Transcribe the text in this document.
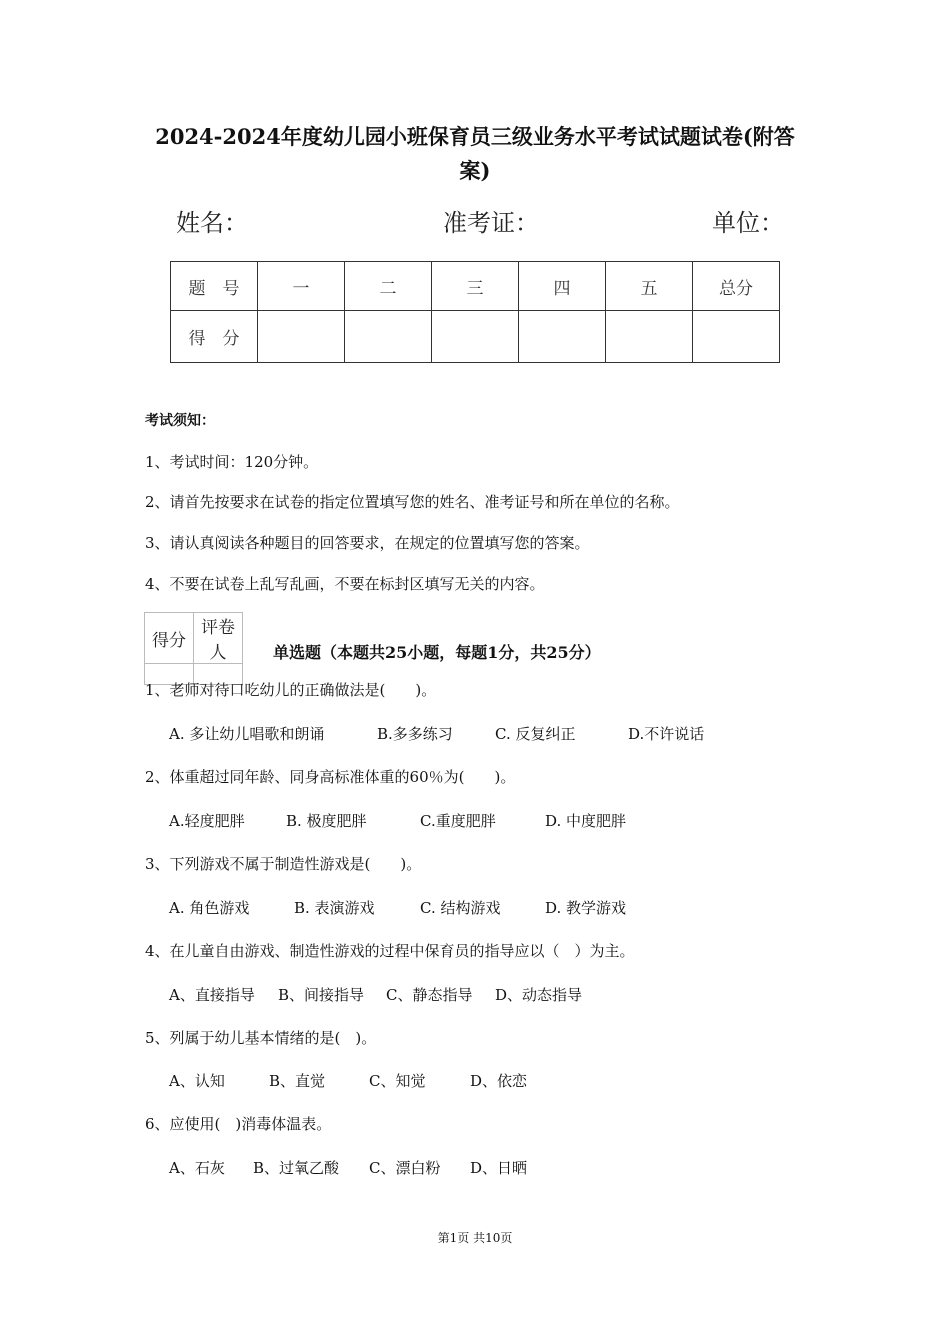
2024-2024年度幼儿园小班保育员三级业务水平考试试题试卷(附答案)
姓名：	准考证：	单位：
题　号	一	二	三	四	五	总分
得　分						
考试须知：
1、考试时间：120分钟。
2、请首先按要求在试卷的指定位置填写您的姓名、准考证号和所在单位的名称。
3、请认真阅读各种题目的回答要求，在规定的位置填写您的答案。
4、不要在试卷上乱写乱画，不要在标封区填写无关的内容。
得分	评卷人
		单选题（本题共25小题，每题1分，共25分）
1、老师对待口吃幼儿的正确做法是(　　)。
A. 多让幼儿唱歌和朗诵	B.多多练习	C. 反复纠正	D.不许说话
2、体重超过同年龄、同身高标准体重的60％为(　　)。
A.轻度肥胖	B. 极度肥胖	C.重度肥胖	D. 中度肥胖
3、下列游戏不属于制造性游戏是(　　)。
A. 角色游戏	B. 表演游戏	C. 结构游戏	D. 教学游戏
4、在儿童自由游戏、制造性游戏的过程中保育员的指导应以（　）为主。
A、直接指导 B、间接指导 C、静态指导 D、动态指导
5、列属于幼儿基本情绪的是(　)。
A、认知	B、直觉	C、知觉	D、依恋
6、应使用(　)消毒体温表。
A、石灰 B、过氧乙酸 C、漂白粉 D、日晒
第1页 共10页
